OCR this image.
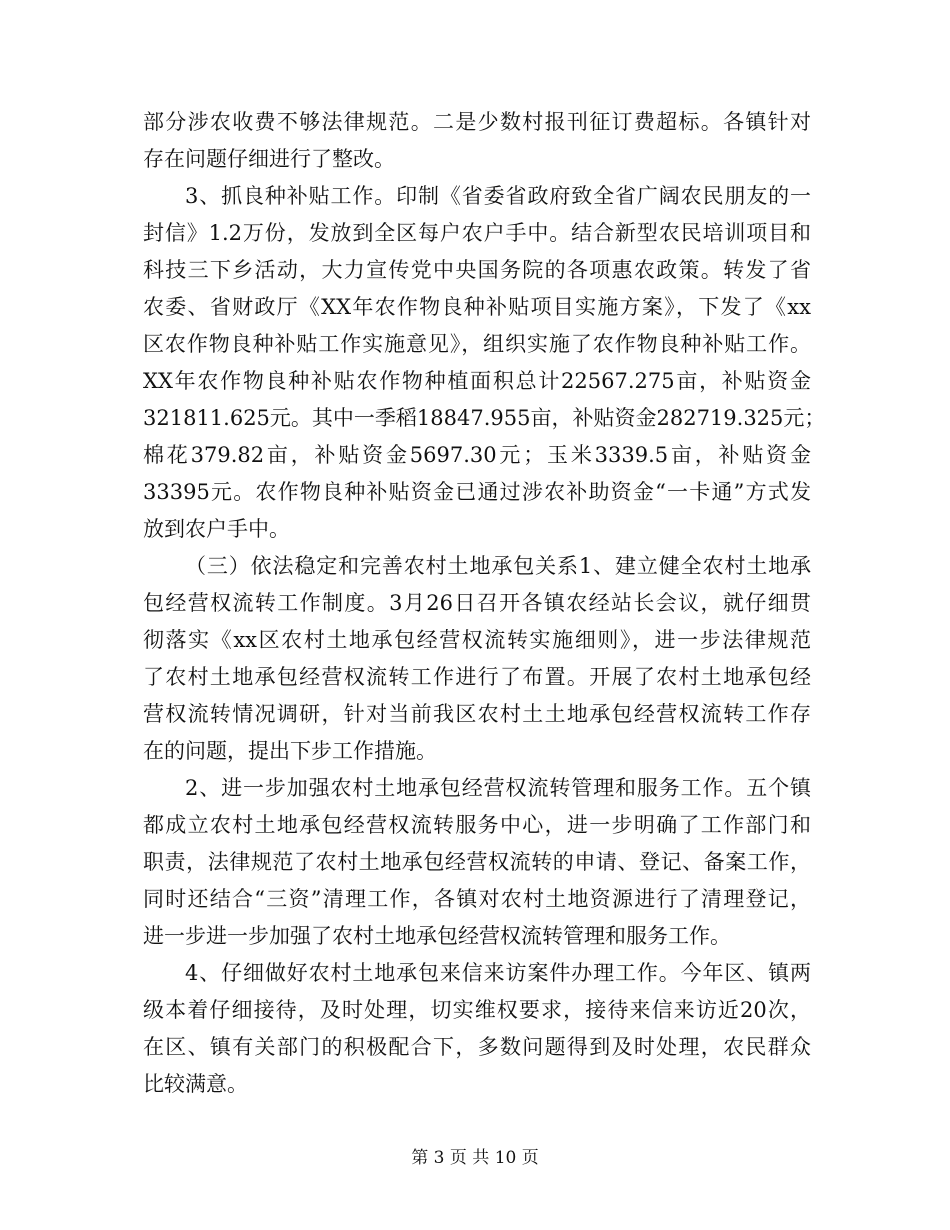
部分涉农收费不够法律规范。二是少数村报刊征订费超标。各镇针对
存在问题仔细进行了整改。
3、抓良种补贴工作。印制《省委省政府致全省广阔农民朋友的一
封信》1.2万份，发放到全区每户农户手中。结合新型农民培训项目和
科技三下乡活动，大力宣传党中央国务院的各项惠农政策。转发了省
农委、省财政厅《XX年农作物良种补贴项目实施方案》，下发了《xx
区农作物良种补贴工作实施意见》，组织实施了农作物良种补贴工作。
XX年农作物良种补贴农作物种植面积总计22567.275亩，补贴资金
321811.625元。其中一季稻18847.955亩，补贴资金282719.325元；
棉花379.82亩，补贴资金5697.30元；玉米3339.5亩，补贴资金
33395元。农作物良种补贴资金已通过涉农补助资金“一卡通”方式发
放到农户手中。
（三）依法稳定和完善农村土地承包关系1、建立健全农村土地承
包经营权流转工作制度。3月26日召开各镇农经站长会议，就仔细贯
彻落实《xx区农村土地承包经营权流转实施细则》，进一步法律规范
了农村土地承包经营权流转工作进行了布置。开展了农村土地承包经
营权流转情况调研，针对当前我区农村土土地承包经营权流转工作存
在的问题，提出下步工作措施。
2、进一步加强农村土地承包经营权流转管理和服务工作。五个镇
都成立农村土地承包经营权流转服务中心，进一步明确了工作部门和
职责，法律规范了农村土地承包经营权流转的申请、登记、备案工作，
同时还结合“三资”清理工作，各镇对农村土地资源进行了清理登记，
进一步进一步加强了农村土地承包经营权流转管理和服务工作。
4、仔细做好农村土地承包来信来访案件办理工作。今年区、镇两
级本着仔细接待，及时处理，切实维权要求，接待来信来访近20次，
在区、镇有关部门的积极配合下，多数问题得到及时处理，农民群众
比较满意。
第 3 页 共 10 页
